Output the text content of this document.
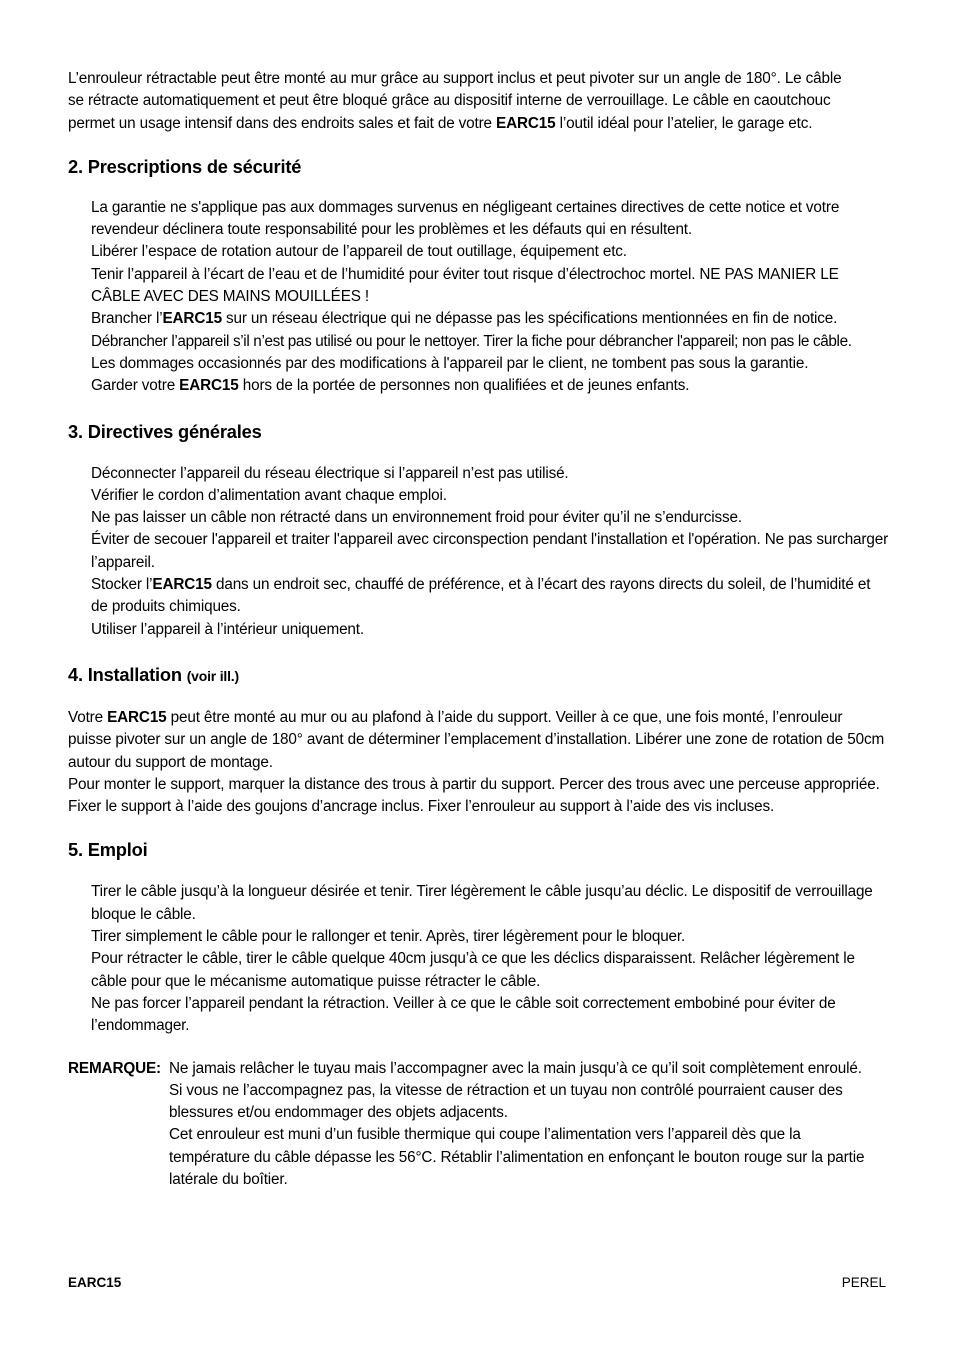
L’enrouleur rétractable peut être monté au mur grâce au support inclus et peut pivoter sur un angle de 180°. Le câble se rétracte automatiquement et peut être bloqué grâce au dispositif interne de verrouillage. Le câble en caoutchouc permet un usage intensif dans des endroits sales et fait de votre EARC15 l’outil idéal pour l’atelier, le garage etc.

2. Prescriptions de sécurité

La garantie ne s'applique pas aux dommages survenus en négligeant certaines directives de cette notice et votre revendeur déclinera toute responsabilité pour les problèmes et les défauts qui en résultent.

Libérer l’espace de rotation autour de l’appareil de tout outillage, équipement etc.

Tenir l’appareil à l’écart de l’eau et de l’humidité pour éviter tout risque d’électrochoc mortel. NE PAS MANIER LE CÂBLE AVEC DES MAINS MOUILLÉES !

Brancher l’EARC15 sur un réseau électrique qui ne dépasse pas les spécifications mentionnées en fin de notice.

Débrancher l’appareil s’il n’est pas utilisé ou pour le nettoyer. Tirer la fiche pour débrancher l'appareil; non pas le câble.

Les dommages occasionnés par des modifications à l'appareil par le client, ne tombent pas sous la garantie.

Garder votre EARC15 hors de la portée de personnes non qualifiées et de jeunes enfants.

3. Directives générales

Déconnecter l’appareil du réseau électrique si l’appareil n’est pas utilisé.

Vérifier le cordon d’alimentation avant chaque emploi.

Ne pas laisser un câble non rétracté dans un environnement froid pour éviter qu’il ne s’endurcisse.

Éviter de secouer l'appareil et traiter l'appareil avec circonspection pendant l'installation et l'opération. Ne pas surcharger l’appareil.

Stocker l’EARC15 dans un endroit sec, chauffé de préférence, et à l’écart des rayons directs du soleil, de l’humidité et de produits chimiques.

Utiliser l’appareil à l’intérieur uniquement.

4. Installation (voir ill.)

Votre EARC15 peut être monté au mur ou au plafond à l’aide du support. Veiller à ce que, une fois monté, l’enrouleur puisse pivoter sur un angle de 180° avant de déterminer l’emplacement d’installation. Libérer une zone de rotation de 50cm autour du support de montage.

Pour monter le support, marquer la distance des trous à partir du support. Percer des trous avec une perceuse appropriée. Fixer le support à l’aide des goujons d’ancrage inclus. Fixer l’enrouleur au support à l’aide des vis incluses.

5. Emploi

Tirer le câble jusqu’à la longueur désirée et tenir. Tirer légèrement le câble jusqu’au déclic. Le dispositif de verrouillage bloque le câble.

Tirer simplement le câble pour le rallonger et tenir. Après, tirer légèrement pour le bloquer.

Pour rétracter le câble, tirer le câble quelque 40cm jusqu’à ce que les déclics disparaissent. Relâcher légèrement le câble pour que le mécanisme automatique puisse rétracter le câble.

Ne pas forcer l’appareil pendant la rétraction. Veiller à ce que le câble soit correctement embobiné pour éviter de l’endommager.

REMARQUE: Ne jamais relâcher le tuyau mais l’accompagner avec la main jusqu’à ce qu’il soit complètement enroulé. Si vous ne l’accompagnez pas, la vitesse de rétraction et un tuyau non contrôlé pourraient causer des blessures et/ou endommager des objets adjacents.

Cet enrouleur est muni d’un fusible thermique qui coupe l’alimentation vers l’appareil dès que la température du câble dépasse les 56°C. Rétablir l’alimentation en enfonçant le bouton rouge sur la partie latérale du boîtier.

EARC15	PEREL
